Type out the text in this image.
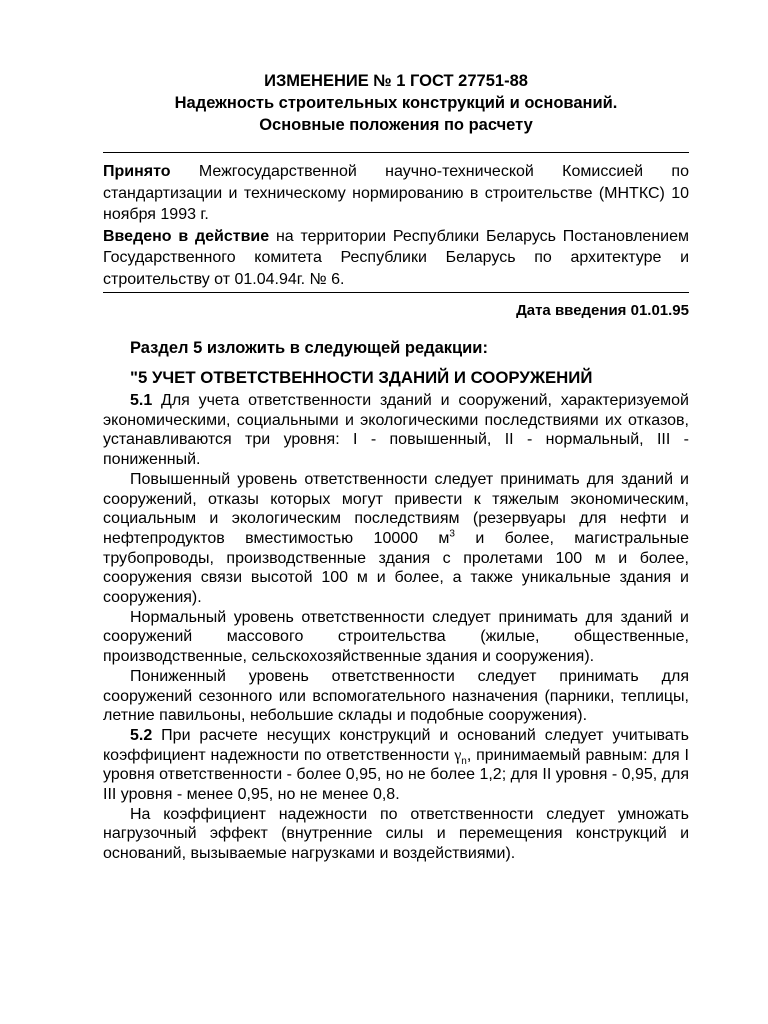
ИЗМЕНЕНИЕ № 1 ГОСТ 27751-88
Надежность строительных конструкций и оснований.
Основные положения по расчету

Принято Межгосударственной научно-технической Комиссией по стандартизации и техническому нормированию в строительстве (МНТКС) 10 ноября 1993 г.

Введено в действие на территории Республики Беларусь Постановлением Государственного комитета Республики Беларусь по архитектуре и строительству от 01.04.94г. № 6.

Дата введения 01.01.95
Раздел 5 изложить в следующей редакции:
"5 УЧЕТ ОТВЕТСТВЕННОСТИ ЗДАНИЙ И СООРУЖЕНИЙ

5.1 Для учета ответственности зданий и сооружений, характеризуемой экономическими, социальными и экологическими последствиями их отказов, устанавливаются три уровня: I - повышенный, II - нормальный, III - пониженный.

Повышенный уровень ответственности следует принимать для зданий и сооружений, отказы которых могут привести к тяжелым экономическим, социальным и экологическим последствиям (резервуары для нефти и нефтепродуктов вместимостью 10000 $м^3$ и более, магистральные трубопроводы, производственные здания с пролетами 100 м и более, сооружения связи высотой 100 м и более, а также уникальные здания и сооружения).

Нормальный уровень ответственности следует принимать для зданий и сооружений массового строительства (жилые, общественные, производственные, сельскохозяйственные здания и сооружения).

Пониженный уровень ответственности следует принимать для сооружений сезонного или вспомогательного назначения (парники, теплицы, летние павильоны, небольшие склады и подобные сооружения).

5.2 При расчете несущих конструкций и оснований следует учитывать коэффициент надежности по ответственности $\gamma_n$, принимаемый равным: для I уровня ответственности - более 0,95, но не более 1,2; для II уровня - 0,95, для III уровня - менее 0,95, но не менее 0,8.

На коэффициент надежности по ответственности следует умножать нагрузочный эффект (внутренние силы и перемещения конструкций и оснований, вызываемые нагрузками и воздействиями).
